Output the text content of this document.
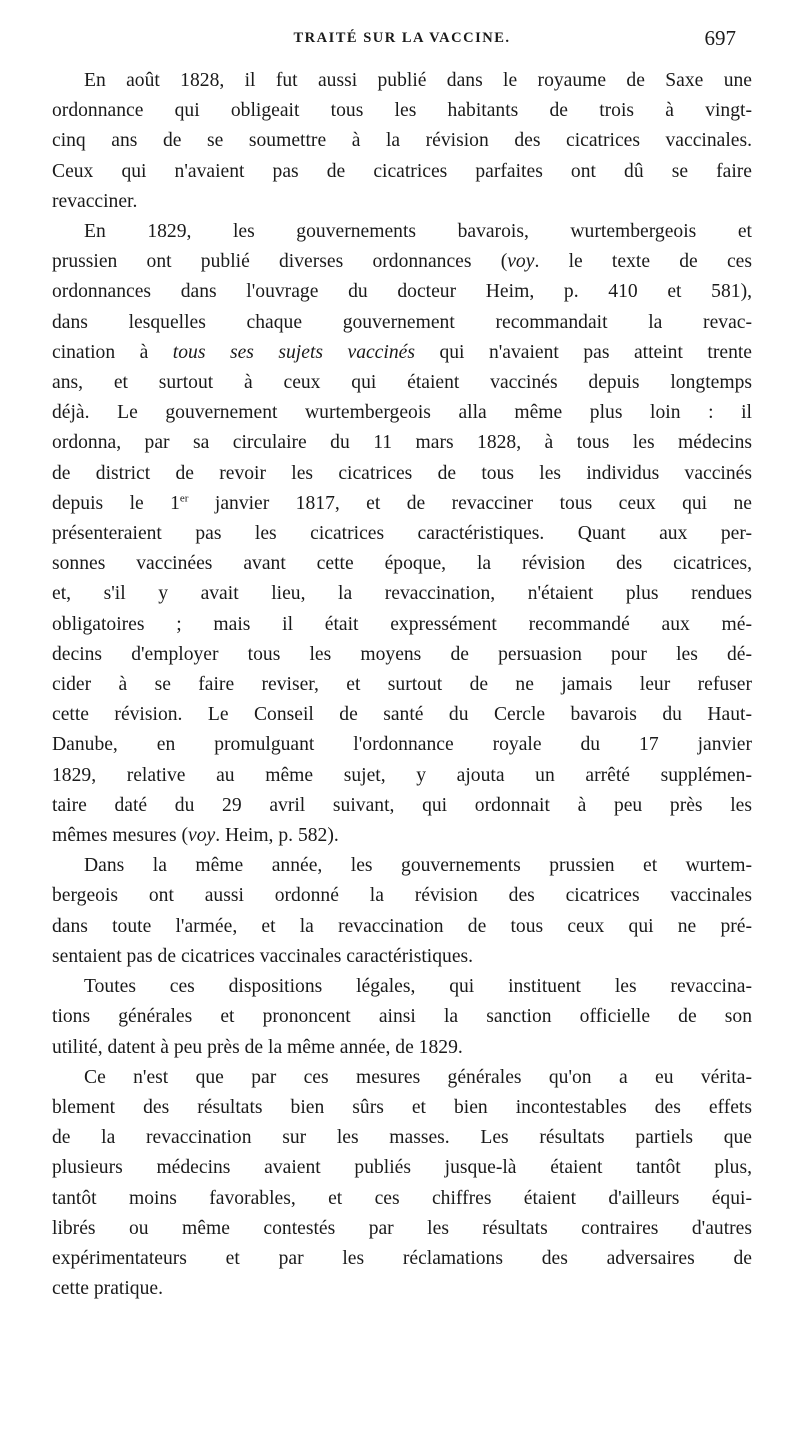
TRAITÉ SUR LA VACCINE.	697

En août 1828, il fut aussi publié dans le royaume de Saxe une
ordonnance qui obligeait tous les habitants de trois à vingt-
cinq ans de se soumettre à la révision des cicatrices vaccinales.
Ceux qui n'avaient pas de cicatrices parfaites ont dû se faire
revacciner.

En 1829, les gouvernements bavarois, wurtembergeois et
prussien ont publié diverses ordonnances (voy. le texte de ces
ordonnances dans l'ouvrage du docteur Heim, p. 410 et 581),
dans lesquelles chaque gouvernement recommandait la revac-
cination à tous ses sujets vaccinés qui n'avaient pas atteint trente
ans, et surtout à ceux qui étaient vaccinés depuis longtemps
déjà. Le gouvernement wurtembergeois alla même plus loin : il
ordonna, par sa circulaire du 11 mars 1828, à tous les médecins
de district de revoir les cicatrices de tous les individus vaccinés
depuis le 1er janvier 1817, et de revacciner tous ceux qui ne
présenteraient pas les cicatrices caractéristiques. Quant aux per-
sonnes vaccinées avant cette époque, la révision des cicatrices,
et, s'il y avait lieu, la revaccination, n'étaient plus rendues
obligatoires ; mais il était expressément recommandé aux mé-
decins d'employer tous les moyens de persuasion pour les dé-
cider à se faire reviser, et surtout de ne jamais leur refuser
cette révision. Le Conseil de santé du Cercle bavarois du Haut-
Danube, en promulguant l'ordonnance royale du 17 janvier
1829, relative au même sujet, y ajouta un arrêté supplémen-
taire daté du 29 avril suivant, qui ordonnait à peu près les
mêmes mesures (voy. Heim, p. 582).

Dans la même année, les gouvernements prussien et wurtem-
bergeois ont aussi ordonné la révision des cicatrices vaccinales
dans toute l'armée, et la revaccination de tous ceux qui ne pré-
sentaient pas de cicatrices vaccinales caractéristiques.

Toutes ces dispositions légales, qui instituent les revaccina-
tions générales et prononcent ainsi la sanction officielle de son
utilité, datent à peu près de la même année, de 1829.

Ce n'est que par ces mesures générales qu'on a eu vérita-
blement des résultats bien sûrs et bien incontestables des effets
de la revaccination sur les masses. Les résultats partiels que
plusieurs médecins avaient publiés jusque-là étaient tantôt plus,
tantôt moins favorables, et ces chiffres étaient d'ailleurs équi-
librés ou même contestés par les résultats contraires d'autres
expérimentateurs et par les réclamations des adversaires de
cette pratique.
